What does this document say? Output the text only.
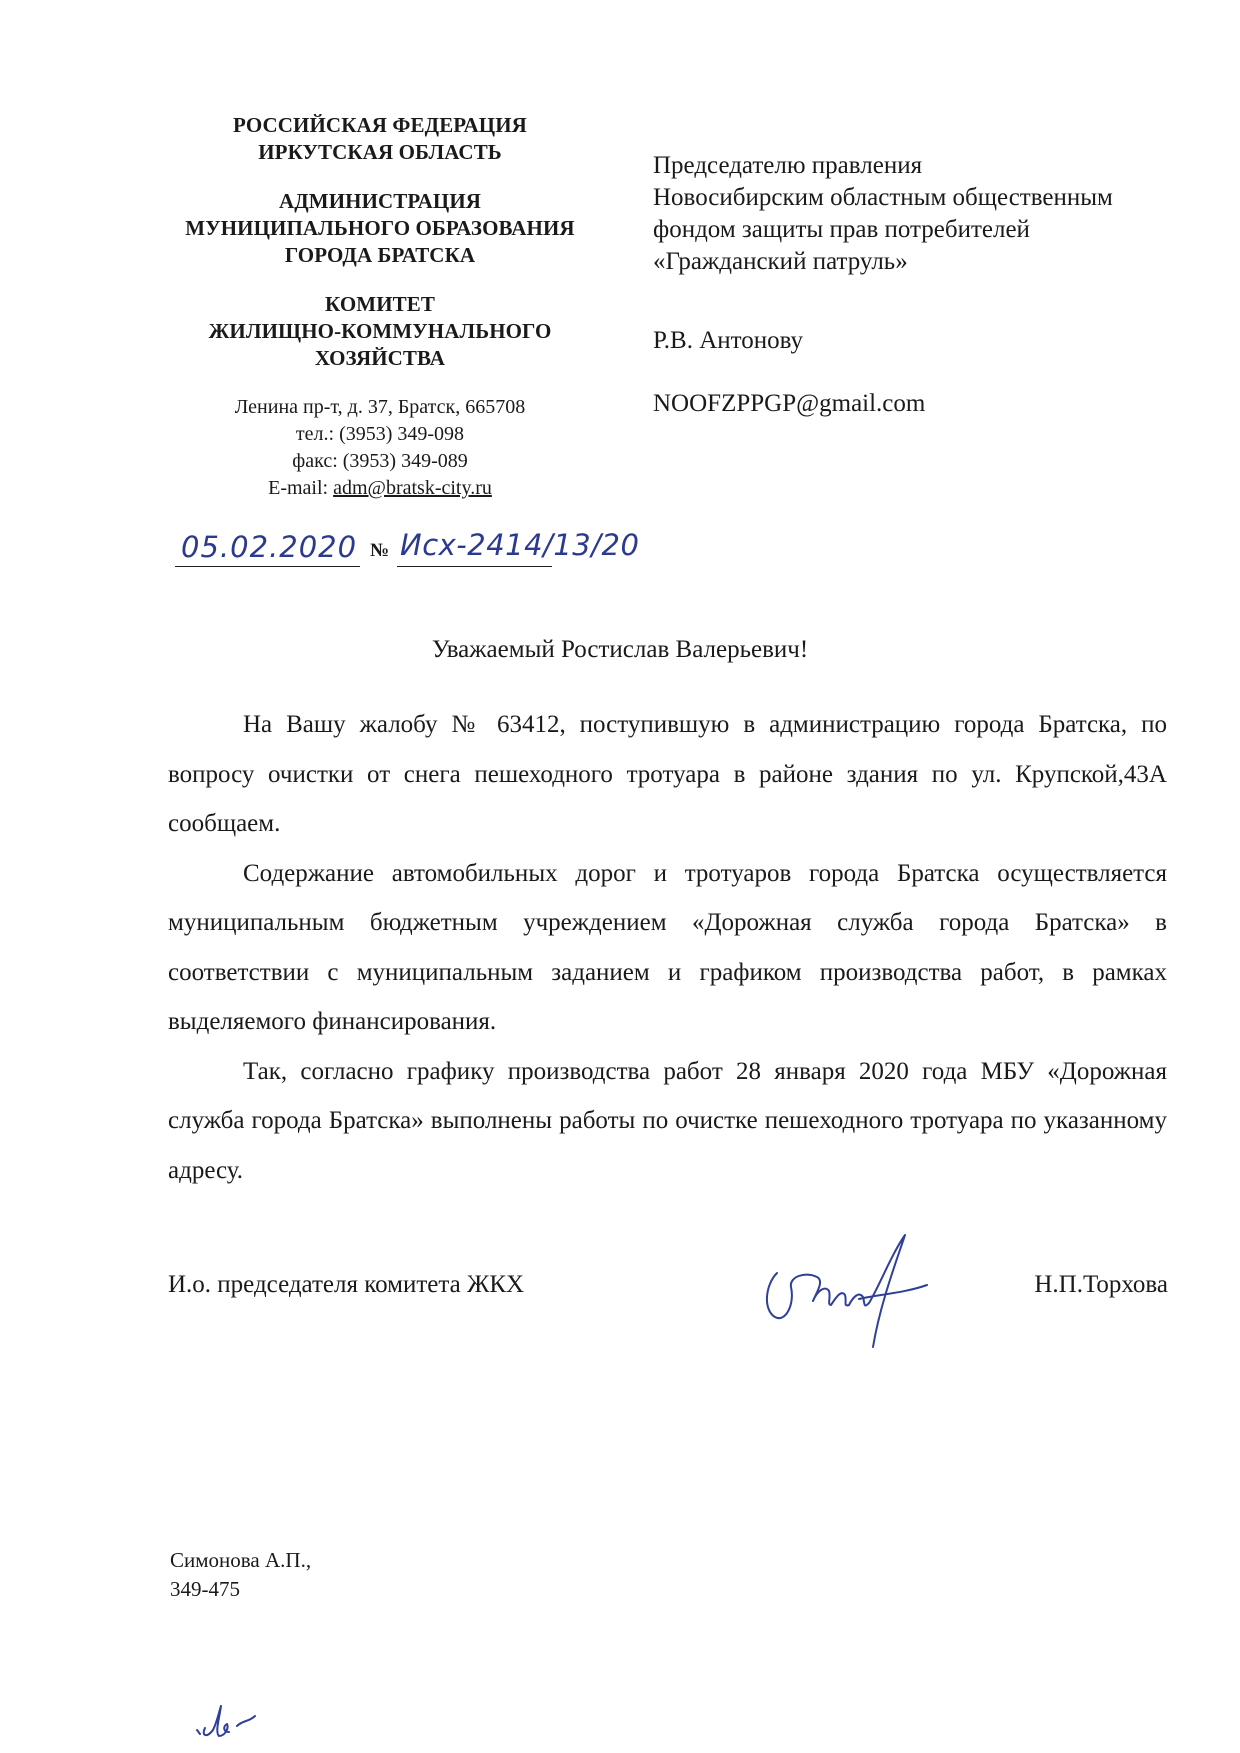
РОССИЙСКАЯ ФЕДЕРАЦИЯ
ИРКУТСКАЯ ОБЛАСТЬ
АДМИНИСТРАЦИЯ
МУНИЦИПАЛЬНОГО ОБРАЗОВАНИЯ
ГОРОДА БРАТСКА
КОМИТЕТ
ЖИЛИЩНО-КОММУНАЛЬНОГО
ХОЗЯЙСТВА
Ленина пр-т, д. 37, Братск, 665708
тел.: (3953) 349-098
факс: (3953) 349-089
E-mail: adm@bratsk-city.ru
05.02.2020 № Исх-2414/13/20
Председателю правления
Новосибирским областным общественным
фондом защиты прав потребителей
«Гражданский патруль»
Р.В. Антонову
NOOFZPPGP@gmail.com
Уважаемый Ростислав Валерьевич!

На Вашу жалобу № 63412, поступившую в администрацию города Братска, по вопросу очистки от снега пешеходного тротуара в районе здания по ул. Крупской,43А сообщаем.

Содержание автомобильных дорог и тротуаров города Братска осуществляется муниципальным бюджетным учреждением «Дорожная служба города Братска» в соответствии с муниципальным заданием и графиком производства работ, в рамках выделяемого финансирования.

Так, согласно графику производства работ 28 января 2020 года МБУ «Дорожная служба города Братска» выполнены работы по очистке пешеходного тротуара по указанному адресу.

И.о. председателя комитета ЖКХ	Н.П.Торхова
Симонова А.П.,
349-475
